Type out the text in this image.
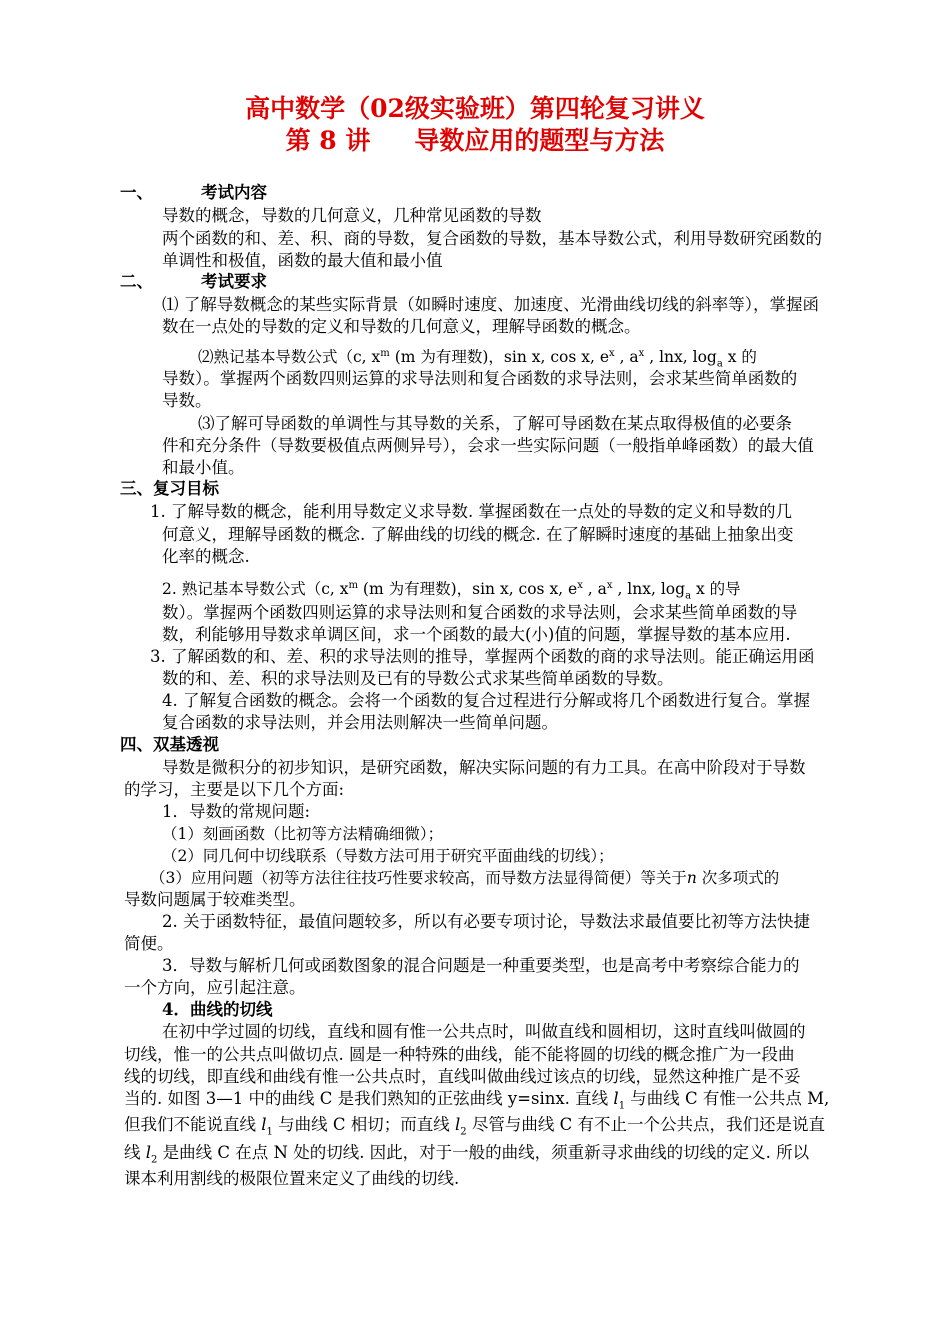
高中数学（02级实验班）第四轮复习讲义
第 8 讲 导数应用的题型与方法
一、	考试内容
导数的概念，导数的几何意义，几种常见函数的导数
两个函数的和、差、积、商的导数，复合函数的导数，基本导数公式，利用导数研究函数的
单调性和极值，函数的最大值和最小值
二、	考试要求
⑴ 了解导数概念的某些实际背景（如瞬时速度、加速度、光滑曲线切线的斜率等），掌握函
数在一点处的导数的定义和导数的几何意义，理解导函数的概念。
⑵熟记基本导数公式（c, $x^m$ (m 为有理数)，sin x, cos x, $e^x$ , $a^x$ , lnx, $\log_a x$ 的
导数）。掌握两个函数四则运算的求导法则和复合函数的求导法则，会求某些简单函数的
导数。
⑶了解可导函数的单调性与其导数的关系，了解可导函数在某点取得极值的必要条
件和充分条件（导数要极值点两侧异号），会求一些实际问题（一般指单峰函数）的最大值
和最小值。
三、复习目标
1. 了解导数的概念，能利用导数定义求导数. 掌握函数在一点处的导数的定义和导数的几
何意义，理解导函数的概念. 了解曲线的切线的概念. 在了解瞬时速度的基础上抽象出变
化率的概念.
2. 熟记基本导数公式（c, $x^m$ (m 为有理数)，sin x, cos x, $e^x$ , $a^x$ , lnx, $\log_a x$ 的导
数）。掌握两个函数四则运算的求导法则和复合函数的求导法则，会求某些简单函数的导
数，利能够用导数求单调区间，求一个函数的最大(小)值的问题，掌握导数的基本应用.
3. 了解函数的和、差、积的求导法则的推导，掌握两个函数的商的求导法则。能正确运用函
数的和、差、积的求导法则及已有的导数公式求某些简单函数的导数。
4. 了解复合函数的概念。会将一个函数的复合过程进行分解或将几个函数进行复合。掌握
复合函数的求导法则，并会用法则解决一些简单问题。
四、双基透视
导数是微积分的初步知识，是研究函数，解决实际问题的有力工具。在高中阶段对于导数
的学习，主要是以下几个方面:
1．导数的常规问题:
（1）刻画函数（比初等方法精确细微）；
（2）同几何中切线联系（导数方法可用于研究平面曲线的切线）；
（3）应用问题（初等方法往往技巧性要求较高，而导数方法显得简便）等关于n 次多项式的
导数问题属于较难类型。
2. 关于函数特征，最值问题较多，所以有必要专项讨论，导数法求最值要比初等方法快捷
简便。
3．导数与解析几何或函数图象的混合问题是一种重要类型，也是高考中考察综合能力的
一个方向，应引起注意。
4．曲线的切线
在初中学过圆的切线，直线和圆有惟一公共点时，叫做直线和圆相切，这时直线叫做圆的
切线，惟一的公共点叫做切点. 圆是一种特殊的曲线，能不能将圆的切线的概念推广为一段曲
线的切线，即直线和曲线有惟一公共点时，直线叫做曲线过该点的切线，显然这种推广是不妥
当的. 如图 3—1 中的曲线 C 是我们熟知的正弦曲线 y=sinx. 直线 $l_1$ 与曲线 C 有惟一公共点 M,
但我们不能说直线 $l_1$ 与曲线 C 相切；而直线 $l_2$ 尽管与曲线 C 有不止一个公共点，我们还是说直
线 $l_2$ 是曲线 C 在点 N 处的切线. 因此，对于一般的曲线，须重新寻求曲线的切线的定义. 所以
课本利用割线的极限位置来定义了曲线的切线.
